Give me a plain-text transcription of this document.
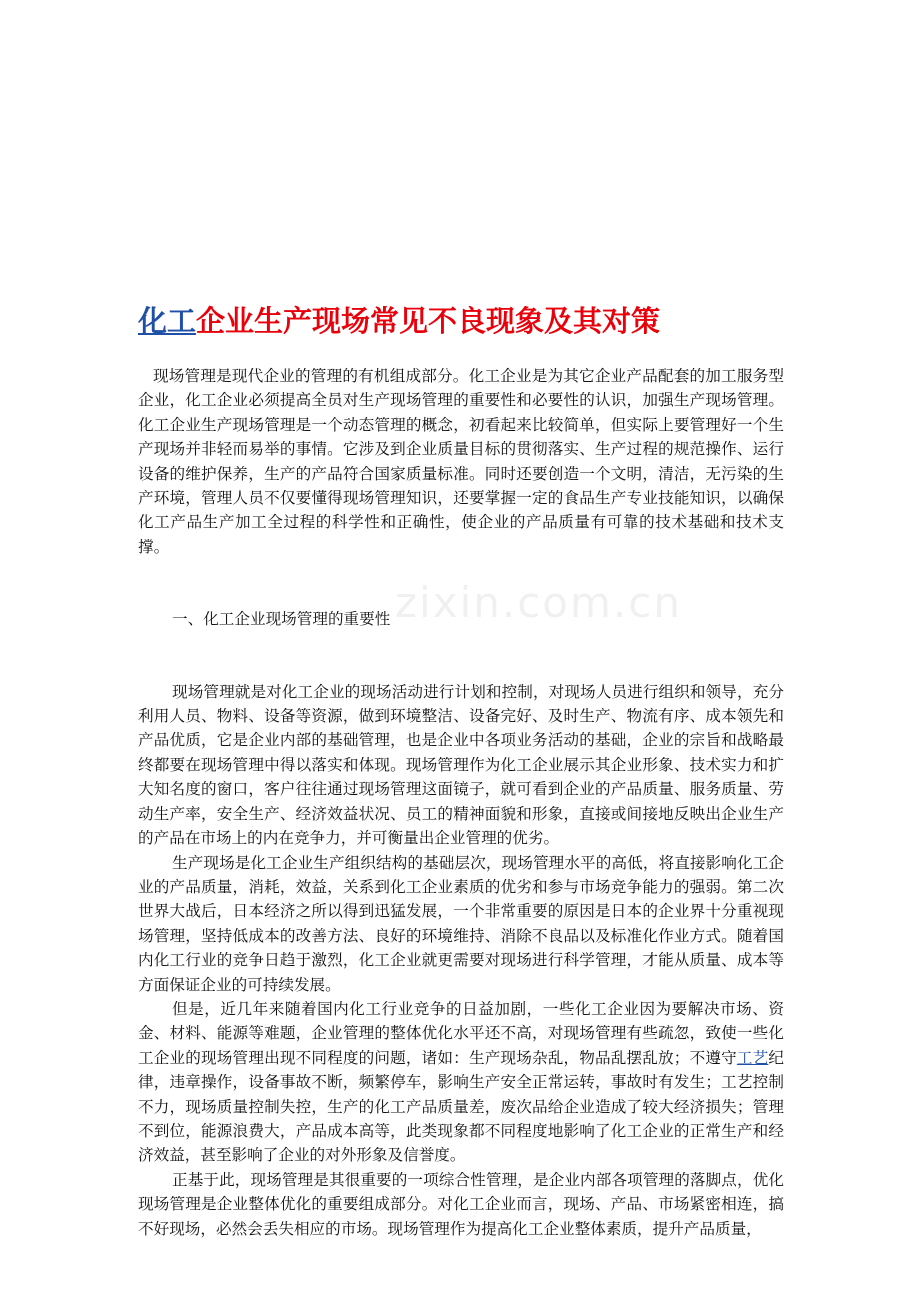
化工企业生产现场常见不良现象及其对策

现场管理是现代企业的管理的有机组成部分。化工企业是为其它企业产品配套的加工服务型企业，化工企业必须提高全员对生产现场管理的重要性和必要性的认识，加强生产现场管理。化工企业生产现场管理是一个动态管理的概念，初看起来比较简单，但实际上要管理好一个生产现场并非轻而易举的事情。它涉及到企业质量目标的贯彻落实、生产过程的规范操作、运行设备的维护保养，生产的产品符合国家质量标准。同时还要创造一个文明，清洁，无污染的生产环境，管理人员不仅要懂得现场管理知识，还要掌握一定的食品生产专业技能知识，以确保化工产品生产加工全过程的科学性和正确性，使企业的产品质量有可靠的技术基础和技术支撑。

一、化工企业现场管理的重要性

现场管理就是对化工企业的现场活动进行计划和控制，对现场人员进行组织和领导，充分利用人员、物料、设备等资源，做到环境整洁、设备完好、及时生产、物流有序、成本领先和产品优质，它是企业内部的基础管理，也是企业中各项业务活动的基础，企业的宗旨和战略最终都要在现场管理中得以落实和体现。现场管理作为化工企业展示其企业形象、技术实力和扩大知名度的窗口，客户往往通过现场管理这面镜子，就可看到企业的产品质量、服务质量、劳动生产率，安全生产、经济效益状况、员工的精神面貌和形象，直接或间接地反映出企业生产的产品在市场上的内在竞争力，并可衡量出企业管理的优劣。

生产现场是化工企业生产组织结构的基础层次，现场管理水平的高低，将直接影响化工企业的产品质量，消耗，效益，关系到化工企业素质的优劣和参与市场竞争能力的强弱。第二次世界大战后，日本经济之所以得到迅猛发展，一个非常重要的原因是日本的企业界十分重视现场管理，坚持低成本的改善方法、良好的环境维持、消除不良品以及标准化作业方式。随着国内化工行业的竞争日趋于激烈，化工企业就更需要对现场进行科学管理，才能从质量、成本等方面保证企业的可持续发展。

但是，近几年来随着国内化工行业竞争的日益加剧，一些化工企业因为要解决市场、资金、材料、能源等难题，企业管理的整体优化水平还不高，对现场管理有些疏忽，致使一些化工企业的现场管理出现不同程度的问题，诸如：生产现场杂乱，物品乱摆乱放；不遵守工艺纪律，违章操作，设备事故不断，频繁停车，影响生产安全正常运转，事故时有发生；工艺控制不力，现场质量控制失控，生产的化工产品质量差，废次品给企业造成了较大经济损失；管理不到位，能源浪费大，产品成本高等，此类现象都不同程度地影响了化工企业的正常生产和经济效益，甚至影响了企业的对外形象及信誉度。

正基于此，现场管理是其很重要的一项综合性管理，是企业内部各项管理的落脚点，优化现场管理是企业整体优化的重要组成部分。对化工企业而言，现场、产品、市场紧密相连，搞不好现场，必然会丢失相应的市场。现场管理作为提高化工企业整体素质，提升产品质量，

zixin.com.cn
